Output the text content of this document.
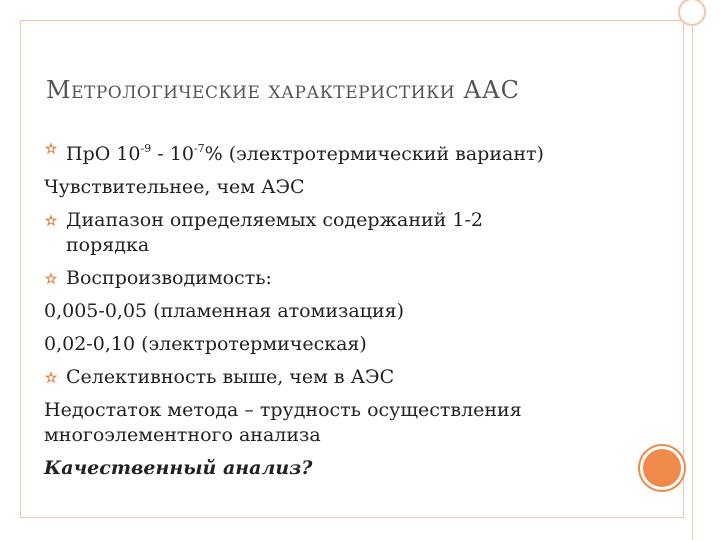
Метрологические характеристики ААС
ПрО $10^{-9} - 10^{-7}\%$ (электротермический вариант)
Чувствительнее, чем АЭС
Диапазон определяемых содержаний 1-2
порядка
Воспроизводимость:
0,005-0,05 (пламенная атомизация)
0,02-0,10 (электротермическая)
Селективность выше, чем в АЭС
Недостаток метода – трудность осуществления
многоэлементного анализа
Качественный анализ?
